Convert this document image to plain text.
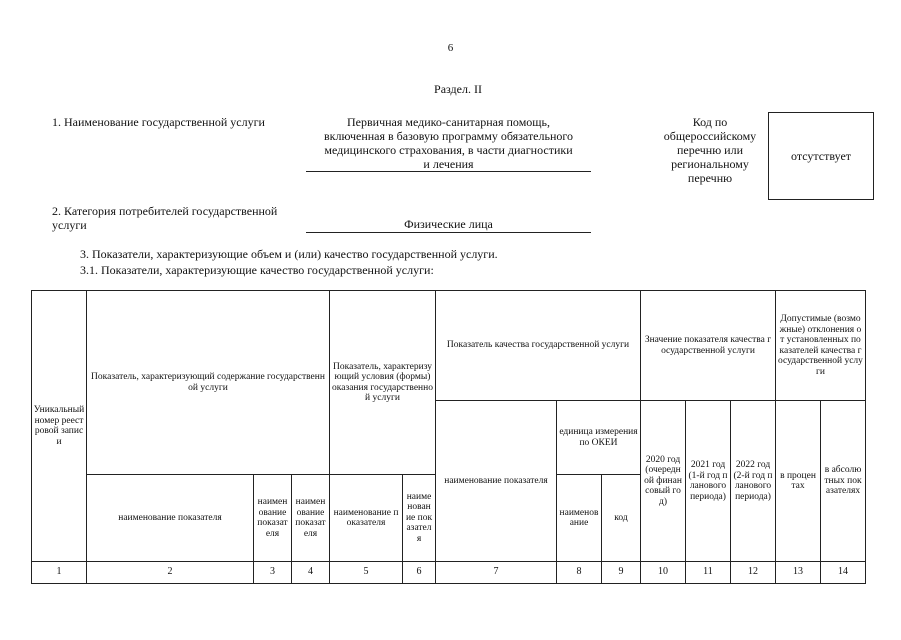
6
Раздел. II
1. Наименование государственной услуги	Первичная медико-санитарная помощь,
включенная в базовую программу обязательного
медицинского страхования, в части диагностики
и лечения
Код по
общероссийскому
перечню или
региональному
перечню
отсутствует
2. Категория потребителей государственной
услуги	Физические лица
3. Показатели, характеризующие объем и (или) качество государственной услуги.
3.1. Показатели, характеризующие качество государственной услуги:
Уникальный номер реестровой записи	Показатель, характеризующий содержание государственной услуги			Показатель, характеризующий условия (формы) оказания государственной услуги		Показатель качества государственной услуги			Значение показателя качества государственной услуги			Допустимые (возможные) отклонения от установленных показателей качества государственной услуги	
						наименование показателя	единица измерения по ОКЕИ		2020 год (очередной финансовый год)	2021 год (1-й год планового периода)	2022 год (2-й год планового периода)	в процентах	в абсолютных показателях
	наименование показателя	наименование показателя	наименование показателя	наименование показателя	наименование показателя		наименование	код					
1	2	3	4	5	6	7	8	9	10	11	12	13	14
